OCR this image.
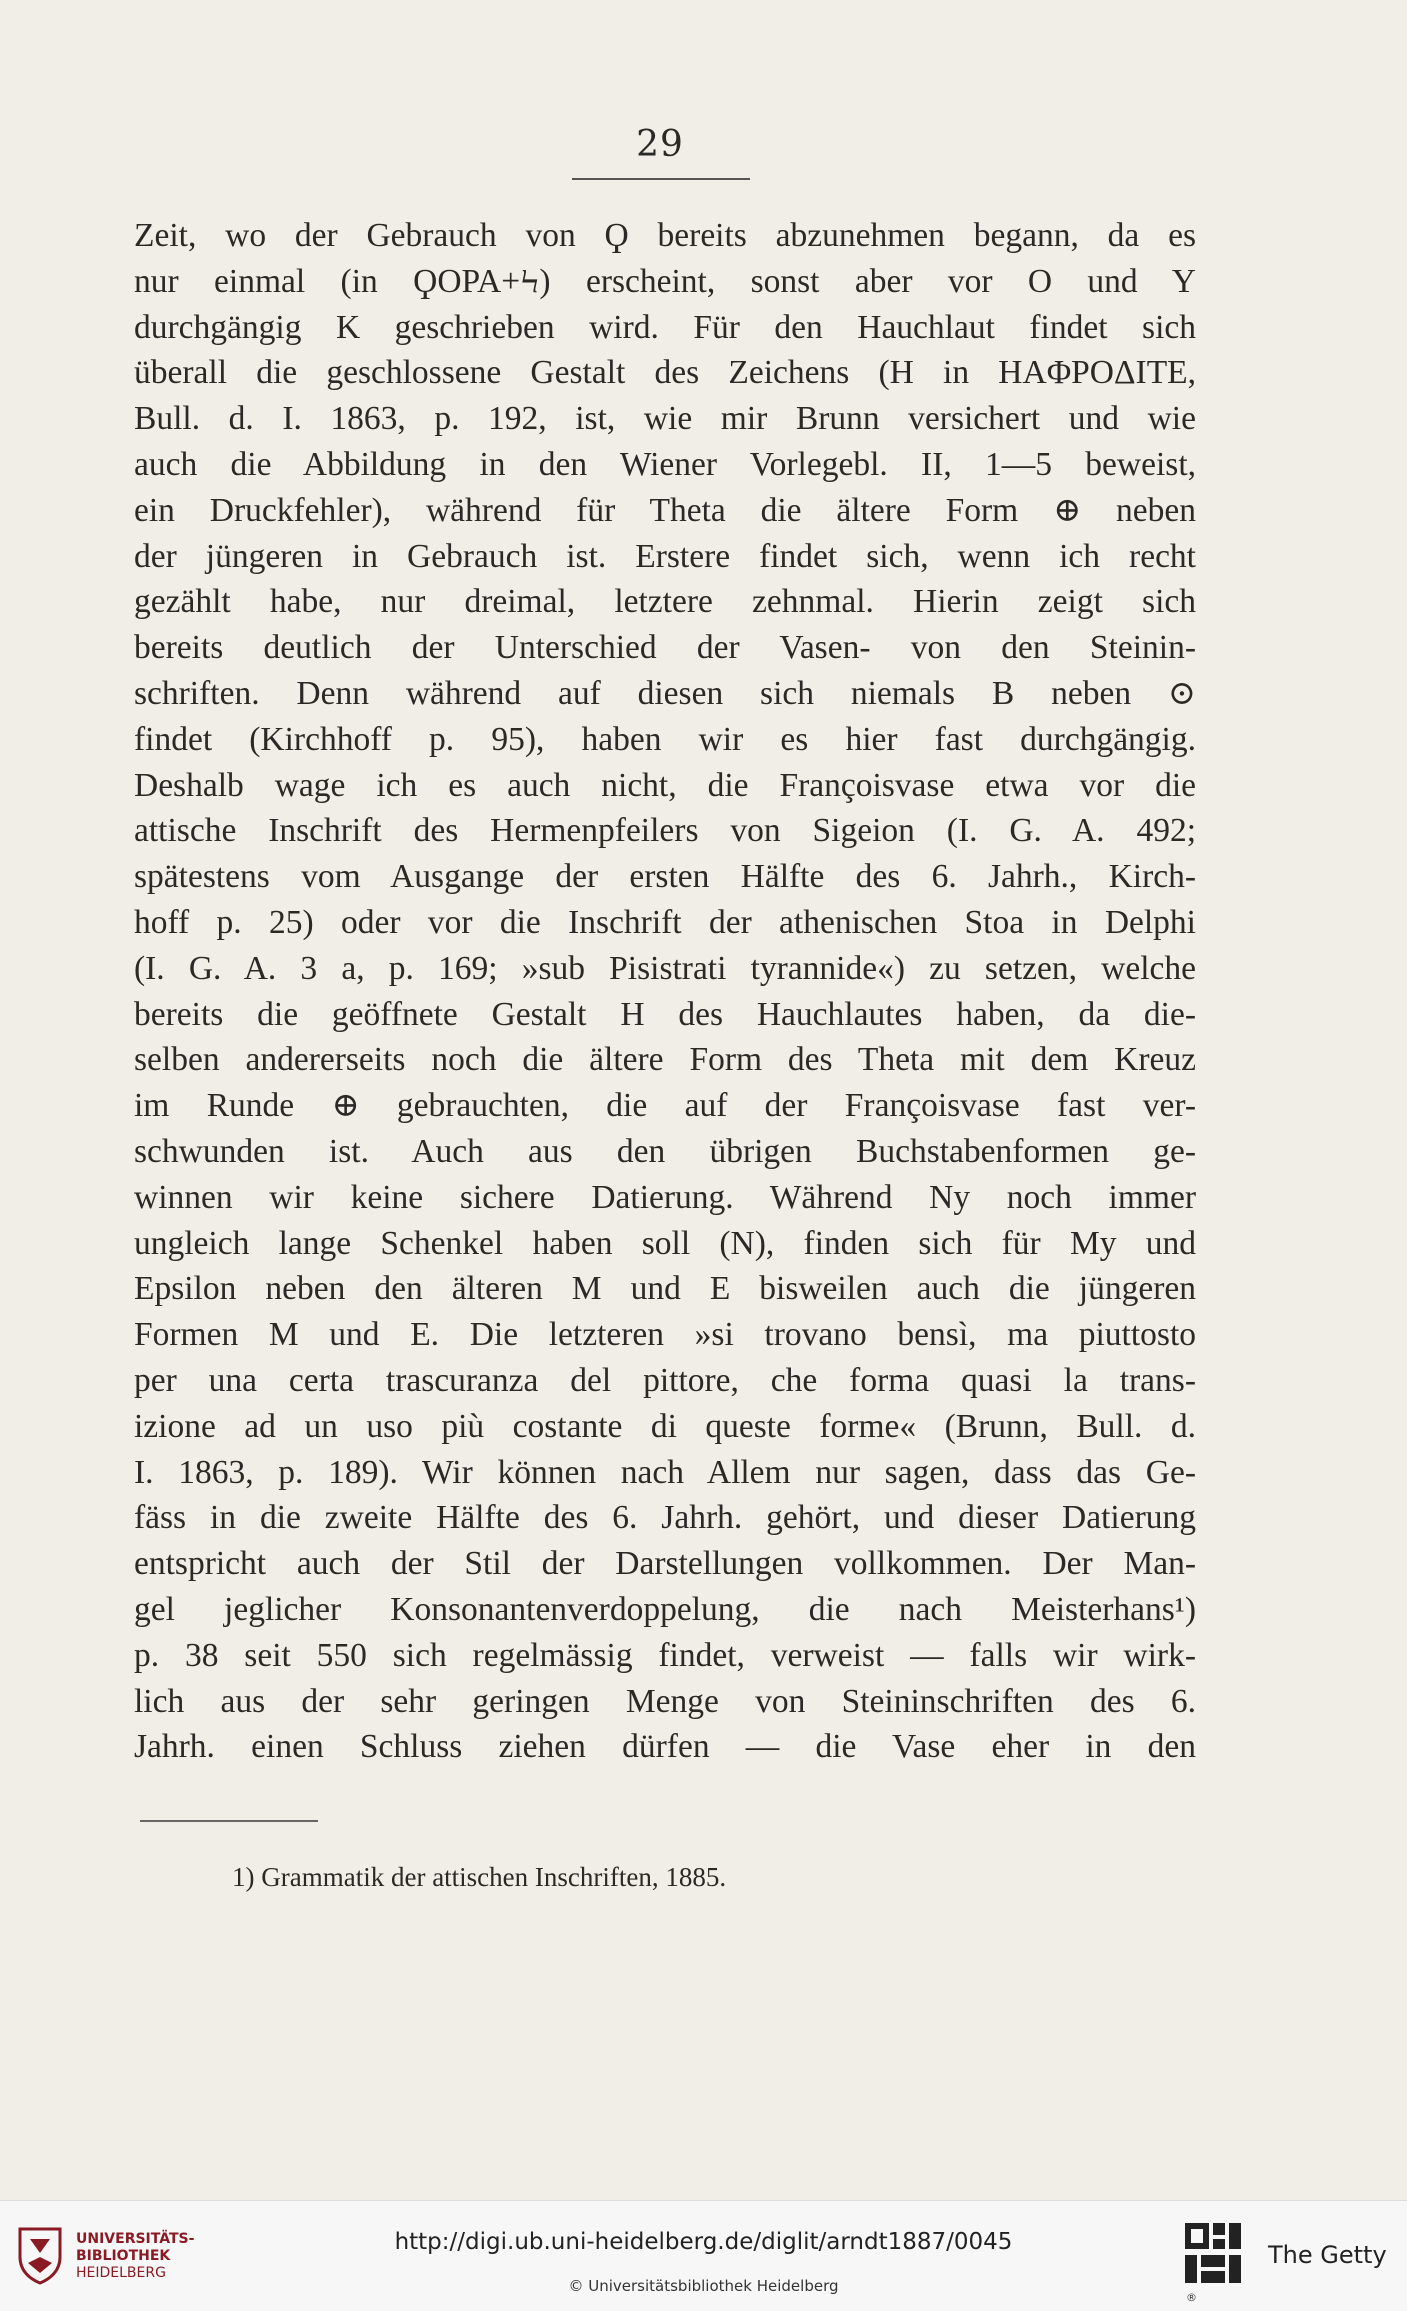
29
Zeit, wo der Gebrauch von Ϙ bereits abzunehmen begann, da es
nur einmal (in ϘOPA+Ϟ) erscheint, sonst aber vor O und Y
durchgängig K geschrieben wird. Für den Hauchlaut findet sich
überall die geschlossene Gestalt des Zeichens (H in HAΦPOΔITE,
Bull. d. I. 1863, p. 192, ist, wie mir Brunn versichert und wie
auch die Abbildung in den Wiener Vorlegebl. II, 1—5 beweist,
ein Druckfehler), während für Theta die ältere Form ⊕ neben
der jüngeren in Gebrauch ist. Erstere findet sich, wenn ich recht
gezählt habe, nur dreimal, letztere zehnmal. Hierin zeigt sich
bereits deutlich der Unterschied der Vasen- von den Steinin-
schriften. Denn während auf diesen sich niemals B neben ⊙
findet (Kirchhoff p. 95), haben wir es hier fast durchgängig.
Deshalb wage ich es auch nicht, die Françoisvase etwa vor die
attische Inschrift des Hermenpfeilers von Sigeion (I. G. A. 492;
spätestens vom Ausgange der ersten Hälfte des 6. Jahrh., Kirch-
hoff p. 25) oder vor die Inschrift der athenischen Stoa in Delphi
(I. G. A. 3 a, p. 169; »sub Pisistrati tyrannide«) zu setzen, welche
bereits die geöffnete Gestalt H des Hauchlautes haben, da die-
selben andererseits noch die ältere Form des Theta mit dem Kreuz
im Runde ⊕ gebrauchten, die auf der Françoisvase fast ver-
schwunden ist. Auch aus den übrigen Buchstabenformen ge-
winnen wir keine sichere Datierung. Während Ny noch immer
ungleich lange Schenkel haben soll (N), finden sich für My und
Epsilon neben den älteren M und E bisweilen auch die jüngeren
Formen M und E. Die letzteren »si trovano bensì, ma piuttosto
per una certa trascuranza del pittore, che forma quasi la trans-
izione ad un uso più costante di queste forme« (Brunn, Bull. d.
I. 1863, p. 189). Wir können nach Allem nur sagen, dass das Ge-
fäss in die zweite Hälfte des 6. Jahrh. gehört, und dieser Datierung
entspricht auch der Stil der Darstellungen vollkommen. Der Man-
gel jeglicher Konsonantenverdoppelung, die nach Meisterhans¹)
p. 38 seit 550 sich regelmässig findet, verweist — falls wir wirk-
lich aus der sehr geringen Menge von Steininschriften des 6.
Jahrh. einen Schluss ziehen dürfen — die Vase eher in den
1) Grammatik der attischen Inschriften, 1885.
UNIVERSITÄTS-
BIBLIOTHEK
HEIDELBERG
http://digi.ub.uni-heidelberg.de/diglit/arndt1887/0045
© Universitätsbibliothek Heidelberg
The Getty
®
